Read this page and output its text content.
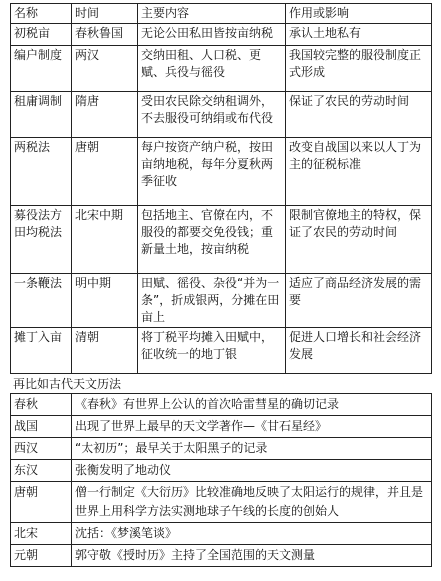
名称	时间	主要内容	作用或影响
初税亩	春秋鲁国	无论公田私田皆按亩纳税	承认土地私有
编户制度	两汉	交纳田租、人口税、更赋、兵役与徭役	我国较完整的服役制度正式形成
租庸调制	隋唐	受田农民除交纳租调外，不去服役可纳绢或布代役	保证了农民的劳动时间
两税法	唐朝	每户按资产纳户税，按田亩纳地税，每年分夏秋两季征收	改变自战国以来以人丁为主的征税标准
募役法方田均税法	北宋中期	包括地主、官僚在内，不服役的都要交免役钱；重新量土地，按亩纳税	限制官僚地主的特权，保证了农民的劳动时间
一条鞭法	明中期	田赋、徭役、杂役“并为一条”，折成银两，分摊在田亩上	适应了商品经济发展的需要
摊丁入亩	清朝	将丁税平均摊入田赋中，征收统一的地丁银	促进人口增长和社会经济发展
再比如古代天文历法
春秋	《春秋》有世界上公认的首次哈雷彗星的确切记录
战国	出现了世界上最早的天文学著作—《甘石星经》
西汉	“太初历”；最早关于太阳黑子的记录
东汉	张衡发明了地动仪
唐朝	僧一行制定《大衍历》比较准确地反映了太阳运行的规律，并且是世界上用科学方法实测地球子午线的长度的创始人
北宋	沈括：《梦溪笔谈》
元朝	郭守敬《授时历》主持了全国范围的天文测量
